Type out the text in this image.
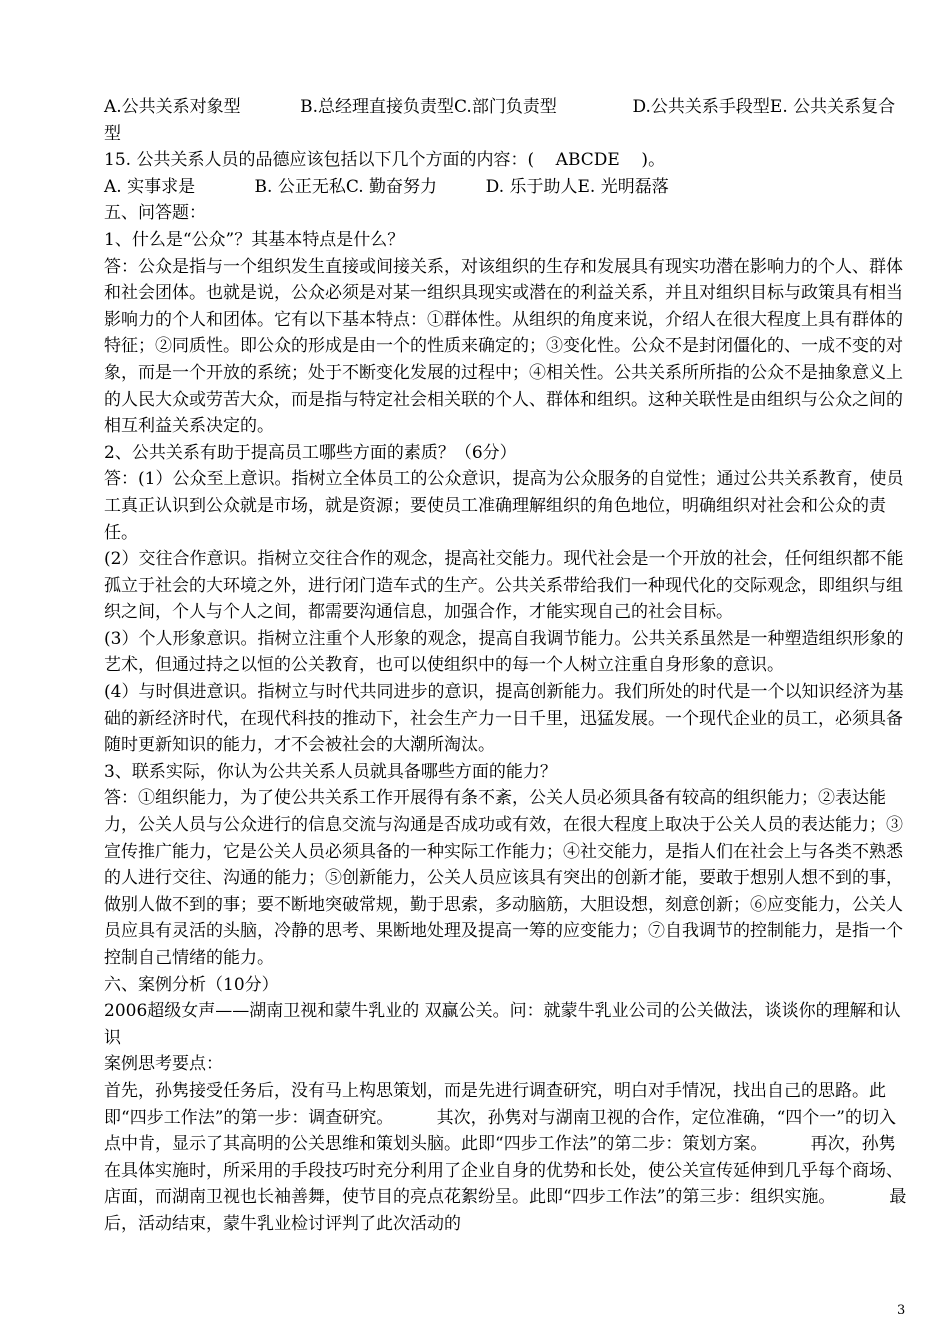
A.公共关系对象型           B.总经理直接负责型C.部门负责型              D.公共关系手段型E. 公共关系复合型

15. 公共关系人员的品德应该包括以下几个方面的内容：(    ABCDE    )。

A. 实事求是           B. 公正无私C. 勤奋努力         D. 乐于助人E. 光明磊落

五、问答题：

1、什么是“公众”？其基本特点是什么？

答：公众是指与一个组织发生直接或间接关系，对该组织的生存和发展具有现实功潜在影响力的个人、群体和社会团体。也就是说，公众必须是对某一组织具现实或潜在的利益关系，并且对组织目标与政策具有相当影响力的个人和团体。它有以下基本特点：①群体性。从组织的角度来说，介绍人在很大程度上具有群体的特征；②同质性。即公众的形成是由一个的性质来确定的；③变化性。公众不是封闭僵化的、一成不变的对象，而是一个开放的系统；处于不断变化发展的过程中；④相关性。公共关系所所指的公众不是抽象意义上的人民大众或劳苦大众，而是指与特定社会相关联的个人、群体和组织。这种关联性是由组织与公众之间的相互利益关系决定的。

2、公共关系有助于提高员工哪些方面的素质？（6分）

答：(1）公众至上意识。指树立全体员工的公众意识，提高为公众服务的自觉性；通过公共关系教育，使员工真正认识到公众就是市场，就是资源；要使员工准确理解组织的角色地位，明确组织对社会和公众的责任。

(2）交往合作意识。指树立交往合作的观念，提高社交能力。现代社会是一个开放的社会，任何组织都不能孤立于社会的大环境之外，进行闭门造车式的生产。公共关系带给我们一种现代化的交际观念，即组织与组织之间，个人与个人之间，都需要沟通信息，加强合作，才能实现自己的社会目标。

(3）个人形象意识。指树立注重个人形象的观念，提高自我调节能力。公共关系虽然是一种塑造组织形象的艺术，但通过持之以恒的公关教育，也可以使组织中的每一个人树立注重自身形象的意识。

(4）与时俱进意识。指树立与时代共同进步的意识，提高创新能力。我们所处的时代是一个以知识经济为基础的新经济时代，在现代科技的推动下，社会生产力一日千里，迅猛发展。一个现代企业的员工，必须具备随时更新知识的能力，才不会被社会的大潮所淘汰。

3、联系实际，你认为公共关系人员就具备哪些方面的能力？

答：①组织能力，为了使公共关系工作开展得有条不紊，公关人员必须具备有较高的组织能力；②表达能力，公关人员与公众进行的信息交流与沟通是否成功或有效，在很大程度上取决于公关人员的表达能力；③宣传推广能力，它是公关人员必须具备的一种实际工作能力；④社交能力，是指人们在社会上与各类不熟悉的人进行交往、沟通的能力；⑤创新能力，公关人员应该具有突出的创新才能，要敢于想别人想不到的事，做别人做不到的事；要不断地突破常规，勤于思索，多动脑筋，大胆设想，刻意创新；⑥应变能力，公关人员应具有灵活的头脑，冷静的思考、果断地处理及提高一筹的应变能力；⑦自我调节的控制能力，是指一个控制自己情绪的能力。

六、案例分析（10分）

2006超级女声——湖南卫视和蒙牛乳业的 双赢公关。问：就蒙牛乳业公司的公关做法，谈谈你的理解和认识

案例思考要点：

首先，孙隽接受任务后，没有马上构思策划，而是先进行调查研究，明白对手情况，找出自己的思路。此即“四步工作法”的第一步：调查研究。        其次，孙隽对与湖南卫视的合作，定位准确，“四个一”的切入点中肯，显示了其高明的公关思维和策划头脑。此即“四步工作法”的第二步：策划方案。        再次，孙隽在具体实施时，所采用的手段技巧时充分利用了企业自身的优势和长处，使公关宣传延伸到几乎每个商场、店面，而湖南卫视也长袖善舞，使节目的亮点花絮纷呈。此即“四步工作法”的第三步：组织实施。          最后，活动结束，蒙牛乳业检讨评判了此次活动的

3
